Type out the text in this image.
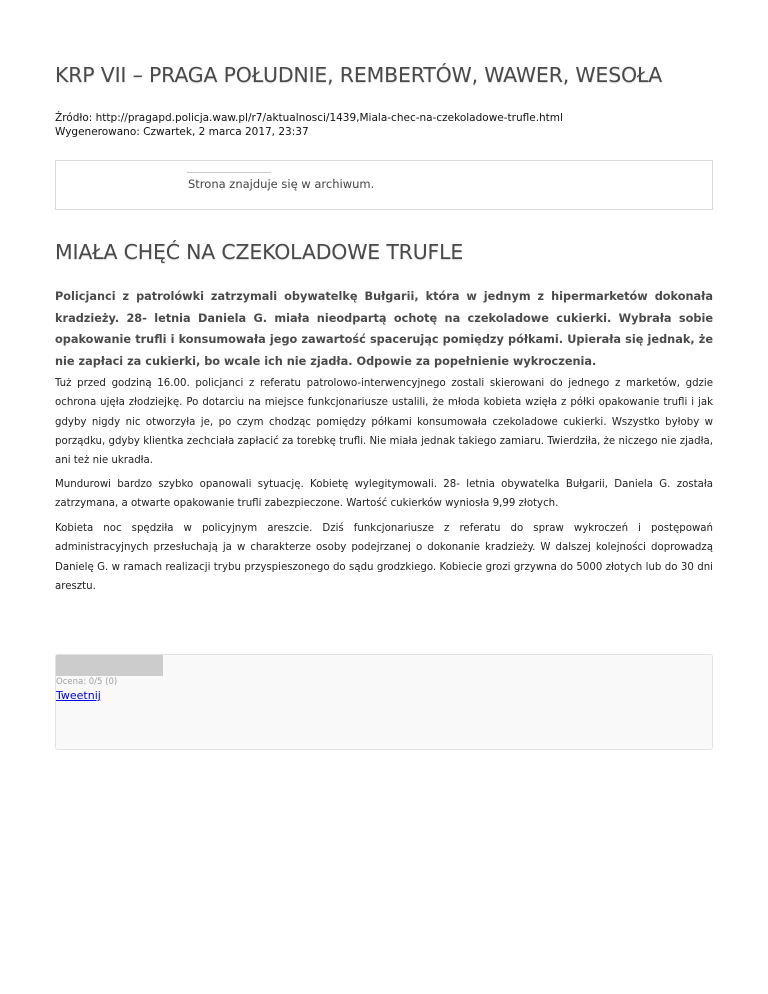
KRP VII – PRAGA POŁUDNIE, REMBERTÓW, WAWER, WESOŁA
Źródło: http://pragapd.policja.waw.pl/r7/aktualnosci/1439,Miala-chec-na-czekoladowe-trufle.html
Wygenerowano: Czwartek, 2 marca 2017, 23:37
Strona znajduje się w archiwum.
MIAŁA CHĘĆ NA CZEKOLADOWE TRUFLE

Policjanci z patrolówki zatrzymali obywatelkę Bułgarii, która w jednym z hipermarketów dokonała kradzieży. 28- letnia Daniela G. miała nieodpartą ochotę na czekoladowe cukierki. Wybrała sobie opakowanie trufli i konsumowała jego zawartość spacerując pomiędzy półkami. Upierała się jednak, że nie zapłaci za cukierki, bo wcale ich nie zjadła. Odpowie za popełnienie wykroczenia.

Tuż przed godziną 16.00. policjanci z referatu patrolowo-interwencyjnego zostali skierowani do jednego z marketów, gdzie ochrona ujęła złodziejkę. Po dotarciu na miejsce funkcjonariusze ustalili, że młoda kobieta wzięła z półki opakowanie trufli i jak gdyby nigdy nic otworzyła je, po czym chodząc pomiędzy półkami konsumowała czekoladowe cukierki. Wszystko byłoby w porządku, gdyby klientka zechciała zapłacić za torebkę trufli. Nie miała jednak takiego zamiaru. Twierdziła, że niczego nie zjadła, ani też nie ukradła.

Mundurowi bardzo szybko opanowali sytuację. Kobietę wylegitymowali. 28- letnia obywatelka Bułgarii, Daniela G. została zatrzymana, a otwarte opakowanie trufli zabezpieczone. Wartość cukierków wyniosła 9,99 złotych.

Kobieta noc spędziła w policyjnym areszcie. Dziś funkcjonariusze z referatu do spraw wykroczeń i postępowań administracyjnych przesłuchają ja w charakterze osoby podejrzanej o dokonanie kradzieży. W dalszej kolejności doprowadzą Danielę G. w ramach realizacji trybu przyspieszonego do sądu grodzkiego. Kobiecie grozi grzywna do 5000 złotych lub do 30 dni aresztu.

Ocena: 0/5 (0)
Tweetnij
